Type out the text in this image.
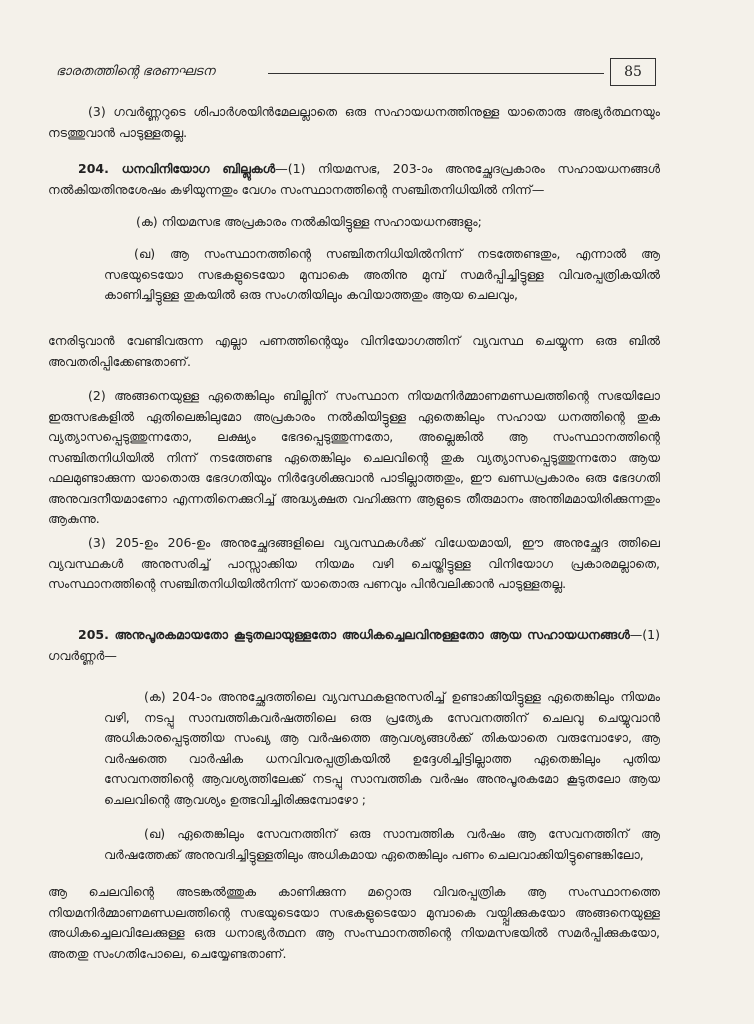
ഭാരതത്തിന്റെ ഭരണഘടന	85

(3) ഗവർണ്ണറുടെ ശിപാർശയിൻമേലല്ലാതെ ഒരു സഹായധനത്തിനുള്ള യാതൊരു അഭ്യർത്ഥനയും നടത്തുവാൻ പാടുള്ളതല്ല.

204. ധനവിനിയോഗ ബില്ലുകൾ—(1) നിയമസഭ, 203-ാം അനുച്ഛേദപ്രകാരം സഹായധനങ്ങൾ നൽകിയതിനുശേഷം കഴിയുന്നതും വേഗം സംസ്ഥാനത്തിന്റെ സഞ്ചിതനിധിയിൽ നിന്ന്—

(ക) നിയമസഭ അപ്രകാരം നൽകിയിട്ടുള്ള സഹായധനങ്ങളും;

(ഖ) ആ സംസ്ഥാനത്തിന്റെ സഞ്ചിതനിധിയിൽനിന്ന് നടത്തേണ്ടതും, എന്നാൽ ആ സഭയുടെയോ സഭകളുടെയോ മുമ്പാകെ അതിനു മുമ്പ് സമർപ്പിച്ചിട്ടുള്ള വിവരപ്പത്രികയിൽ കാണിച്ചിട്ടുള്ള തുകയിൽ ഒരു സംഗതിയിലും കവിയാത്തതും ആയ ചെലവും,

നേരിടുവാൻ വേണ്ടിവരുന്ന എല്ലാ പണത്തിന്റെയും വിനിയോഗത്തിന് വ്യവസ്ഥ ചെയ്യുന്ന ഒരു ബിൽ അവതരിപ്പിക്കേണ്ടതാണ്.

(2) അങ്ങനെയുള്ള ഏതെങ്കിലും ബില്ലിന് സംസ്ഥാന നിയമനിർമ്മാണമണ്ഡലത്തിന്റെ സഭയിലോ ഇരുസഭകളിൽ ഏതിലെങ്കിലുമോ അപ്രകാരം നൽകിയിട്ടുള്ള ഏതെങ്കിലും സഹായ ധനത്തിന്റെ തുക വ്യത്യാസപ്പെടുത്തുന്നതോ, ലക്ഷ്യം ഭേദപ്പെടുത്തുന്നതോ, അല്ലെങ്കിൽ ആ സംസ്ഥാനത്തിന്റെ സഞ്ചിതനിധിയിൽ നിന്ന് നടത്തേണ്ട ഏതെങ്കിലും ചെലവിന്റെ തുക വ്യത്യാസപ്പെടുത്തുന്നതോ ആയ ഫലമുണ്ടാക്കുന്ന യാതൊരു ഭേദഗതിയും നിർദ്ദേശിക്കുവാൻ പാടില്ലാത്തതും, ഈ ഖണ്ഡപ്രകാരം ഒരു ഭേദഗതി അനുവദനീയമാണോ എന്നതിനെക്കുറിച്ച് അദ്ധ്യക്ഷത വഹിക്കുന്ന ആളുടെ തീരുമാനം അന്തിമമായിരിക്കുന്നതും ആകുന്നു.

(3) 205-ഉം 206-ഉം അനുച്ഛേദങ്ങളിലെ വ്യവസ്ഥകൾക്ക് വിധേയമായി, ഈ അനുച്ഛേദ ത്തിലെ വ്യവസ്ഥകൾ അനുസരിച്ച് പാസ്സാക്കിയ നിയമം വഴി ചെയ്തിട്ടുള്ള വിനിയോഗ പ്രകാരമല്ലാതെ, സംസ്ഥാനത്തിന്റെ സഞ്ചിതനിധിയിൽനിന്ന് യാതൊരു പണവും പിൻവലിക്കാൻ പാടുള്ളതല്ല.

205. അനുപൂരകമായതോ കൂടുതലായുള്ളതോ അധികച്ചെലവിനുള്ളതോ ആയ സഹായധനങ്ങൾ—(1) ഗവർണ്ണർ—

(ക) 204-ാം അനുച്ഛേദത്തിലെ വ്യവസ്ഥകളനുസരിച്ച് ഉണ്ടാക്കിയിട്ടുള്ള ഏതെങ്കിലും നിയമം വഴി, നടപ്പു സാമ്പത്തികവർഷത്തിലെ ഒരു പ്രത്യേക സേവനത്തിന് ചെലവു ചെയ്യുവാൻ അധികാരപ്പെടുത്തിയ സംഖ്യ ആ വർഷത്തെ ആവശ്യങ്ങൾക്ക് തികയാതെ വരുമ്പോഴോ, ആ വർഷത്തെ വാർഷിക ധനവിവരപ്പത്രികയിൽ ഉദ്ദേശിച്ചിട്ടില്ലാത്ത ഏതെങ്കിലും പുതിയ സേവനത്തിന്റെ ആവശ്യത്തിലേക്ക് നടപ്പു സാമ്പത്തിക വർഷം അനുപൂരകമോ കൂടുതലോ ആയ ചെലവിന്റെ ആവശ്യം ഉത്ഭവിച്ചിരിക്കുമ്പോഴോ ;

(ഖ) ഏതെങ്കിലും സേവനത്തിന് ഒരു സാമ്പത്തിക വർഷം ആ സേവനത്തിന് ആ വർഷത്തേക്ക് അനുവദിച്ചിട്ടുള്ളതിലും അധികമായ ഏതെങ്കിലും പണം ചെലവാക്കിയിട്ടുണ്ടെങ്കിലോ,

ആ ചെലവിന്റെ അടങ്കൽത്തുക കാണിക്കുന്ന മറ്റൊരു വിവരപ്പത്രിക ആ സംസ്ഥാനത്തെ നിയമനിർമ്മാണമണ്ഡലത്തിന്റെ സഭയുടെയോ സഭകളുടെയോ മുമ്പാകെ വയ്പ്പിക്കുകയോ അങ്ങനെയുള്ള അധികച്ചെലവിലേക്കുള്ള ഒരു ധനാഭ്യർത്ഥന ആ സംസ്ഥാനത്തിന്റെ നിയമസഭയിൽ സമർപ്പിക്കുകയോ, അതതു സംഗതിപോലെ, ചെയ്യേണ്ടതാണ്.
